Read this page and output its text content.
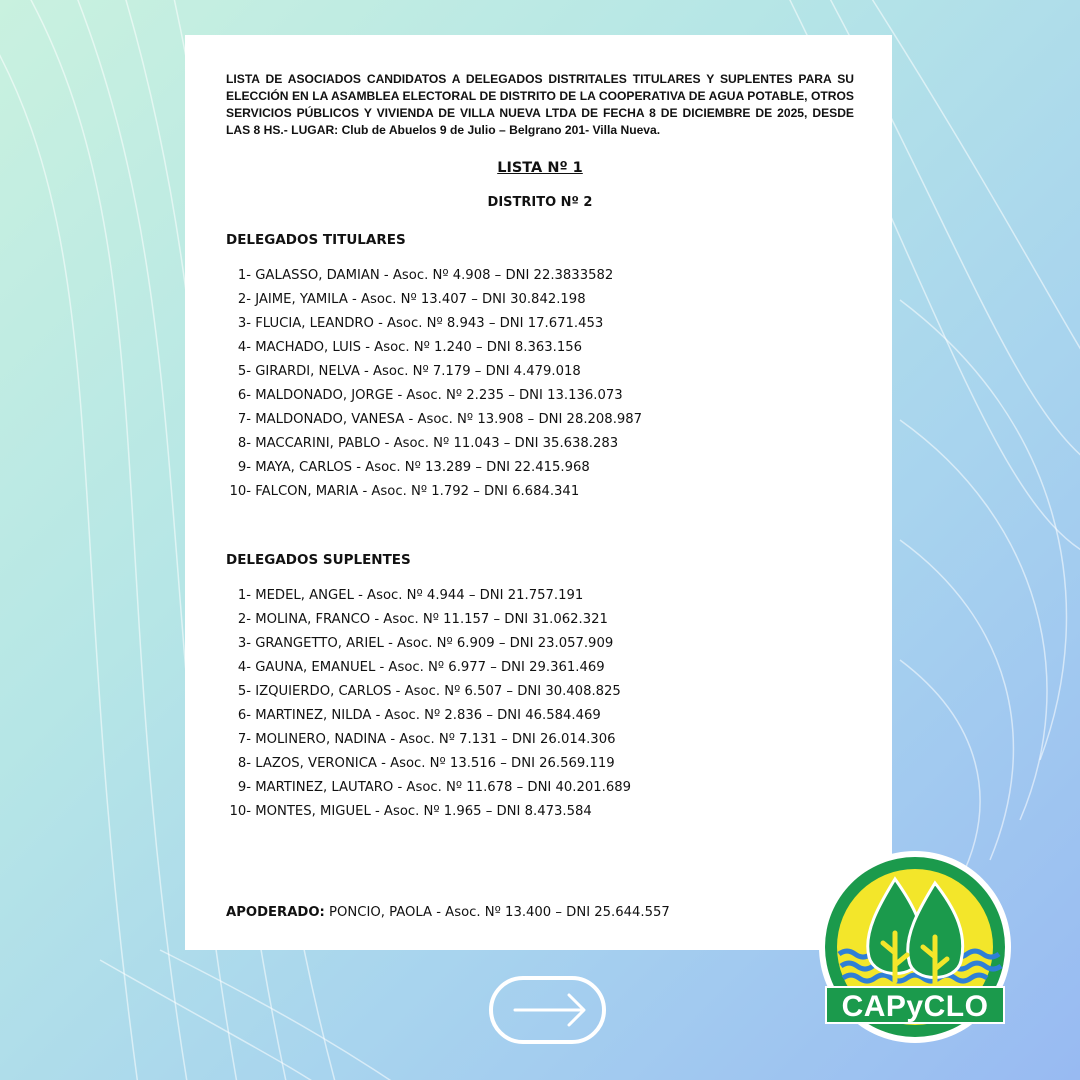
LISTA DE ASOCIADOS CANDIDATOS A DELEGADOS DISTRITALES TITULARES Y SUPLENTES PARA SU ELECCIÓN EN LA ASAMBLEA ELECTORAL DE DISTRITO DE LA COOPERATIVA DE AGUA POTABLE, OTROS SERVICIOS PÚBLICOS Y VIVIENDA DE VILLA NUEVA LTDA DE FECHA 8 DE DICIEMBRE DE 2025, DESDE LAS 8 HS.- LUGAR: Club de Abuelos 9 de Julio – Belgrano 201- Villa Nueva.

LISTA Nº 1
DISTRITO Nº 2
DELEGADOS TITULARES
1- GALASSO, DAMIAN - Asoc. Nº 4.908 – DNI 22.3833582
2- JAIME, YAMILA - Asoc. Nº 13.407 – DNI 30.842.198
3- FLUCIA, LEANDRO - Asoc. Nº 8.943 – DNI 17.671.453
4- MACHADO, LUIS - Asoc. Nº 1.240 – DNI 8.363.156
5- GIRARDI, NELVA - Asoc. Nº 7.179 – DNI 4.479.018
6- MALDONADO, JORGE - Asoc. Nº 2.235 – DNI 13.136.073
7- MALDONADO, VANESA - Asoc. Nº 13.908 – DNI 28.208.987
8- MACCARINI, PABLO - Asoc. Nº 11.043 – DNI 35.638.283
9- MAYA, CARLOS - Asoc. Nº 13.289 – DNI 22.415.968
10- FALCON, MARIA - Asoc. Nº 1.792 – DNI 6.684.341
DELEGADOS SUPLENTES
1- MEDEL, ANGEL - Asoc. Nº 4.944 – DNI 21.757.191
2- MOLINA, FRANCO - Asoc. Nº 11.157 – DNI 31.062.321
3- GRANGETTO, ARIEL - Asoc. Nº 6.909 – DNI 23.057.909
4- GAUNA, EMANUEL - Asoc. Nº 6.977 – DNI 29.361.469
5- IZQUIERDO, CARLOS - Asoc. Nº 6.507 – DNI 30.408.825
6- MARTINEZ, NILDA - Asoc. Nº 2.836 – DNI 46.584.469
7- MOLINERO, NADINA - Asoc. Nº 7.131 – DNI 26.014.306
8- LAZOS, VERONICA - Asoc. Nº 13.516 – DNI 26.569.119
9- MARTINEZ, LAUTARO - Asoc. Nº 11.678 – DNI 40.201.689
10- MONTES, MIGUEL - Asoc. Nº 1.965 – DNI 8.473.584
APODERADO: PONCIO, PAOLA - Asoc. Nº 13.400 – DNI 25.644.557
CAPyCLO
